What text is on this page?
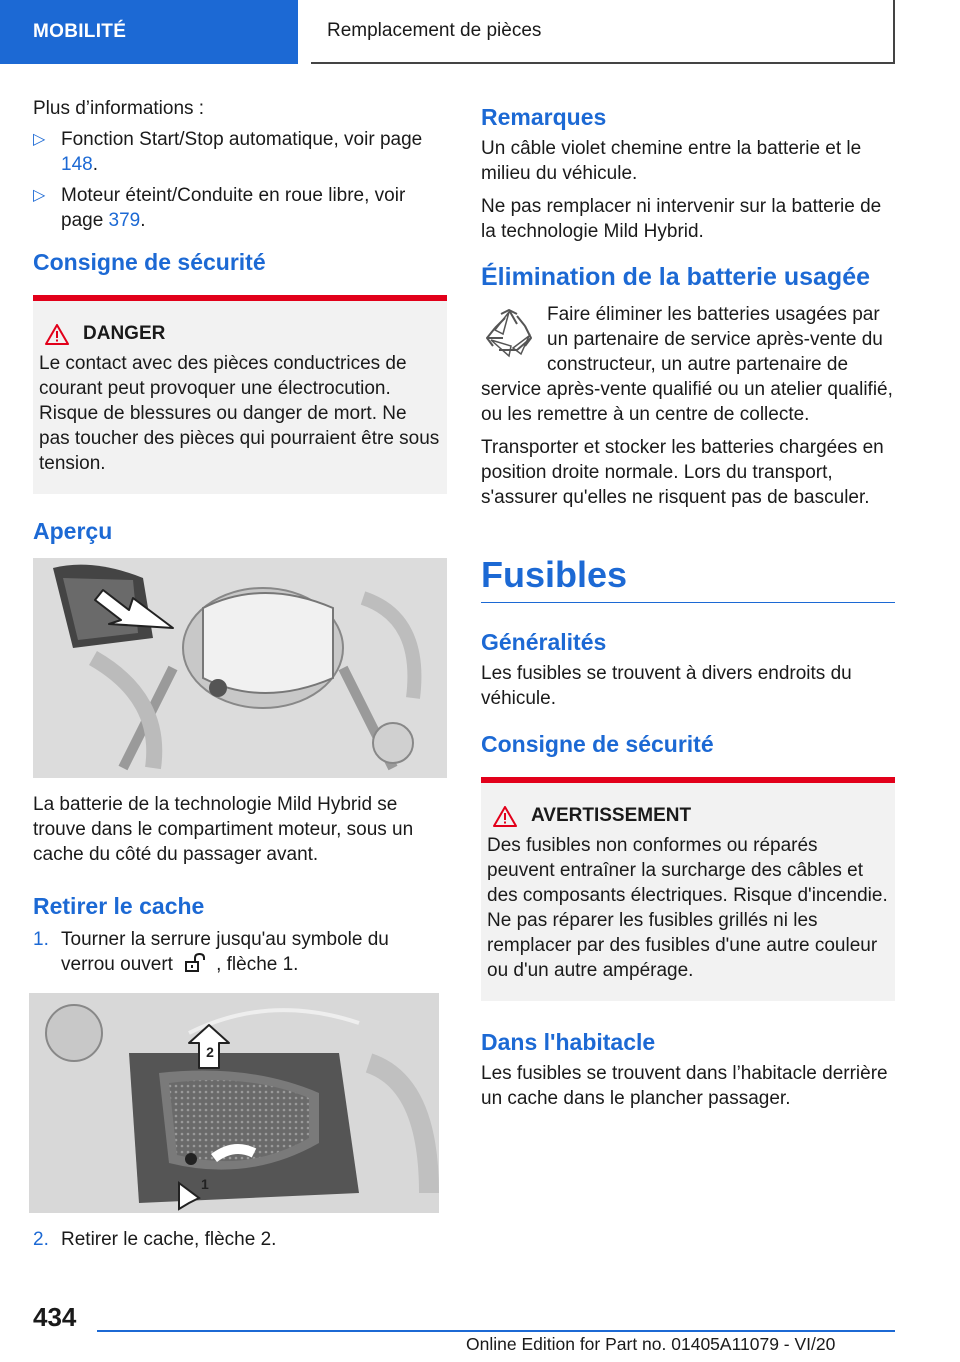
MOBILITÉ	Remplacement de pièces

Plus d’informations :

▷ Fonction Start/Stop automatique, voir page 148.

▷ Moteur éteint/Conduite en roue libre, voir page 379.

Consigne de sécurité
DANGER

Le contact avec des pièces conductrices de courant peut provoquer une électrocution. Risque de blessures ou danger de mort. Ne pas toucher des pièces qui pourraient être sous tension.

Aperçu

La batterie de la technologie Mild Hybrid se trouve dans le compartiment moteur, sous un cache du côté du passager avant.

Retirer le cache
1. Tourner la serrure jusqu'au symbole du verrou ouvert , flèche 1.

2
1
2. Retirer le cache, flèche 2.

Remarques

Un câble violet chemine entre la batterie et le milieu du véhicule.

Ne pas remplacer ni intervenir sur la batterie de la technologie Mild Hybrid.

Élimination de la batterie usagée

Faire éliminer les batteries usagées par un partenaire de service après-vente du constructeur, un autre partenaire de service après-vente qualifié ou un atelier qualifié, ou les remettre à un centre de collecte.

Transporter et stocker les batteries chargées en position droite normale. Lors du transport, s'assurer qu'elles ne risquent pas de basculer.

Fusibles
Généralités

Les fusibles se trouvent à divers endroits du véhicule.

Consigne de sécurité
AVERTISSEMENT

Des fusibles non conformes ou réparés peuvent entraîner la surcharge des câbles et des composants électriques. Risque d'incendie. Ne pas réparer les fusibles grillés ni les remplacer par des fusibles d'une autre couleur ou d'un autre ampérage.

Dans l'habitacle

Les fusibles se trouvent dans l’habitacle derrière un cache dans le plancher passager.

434
Online Edition for Part no. 01405A11079 - VI/20
